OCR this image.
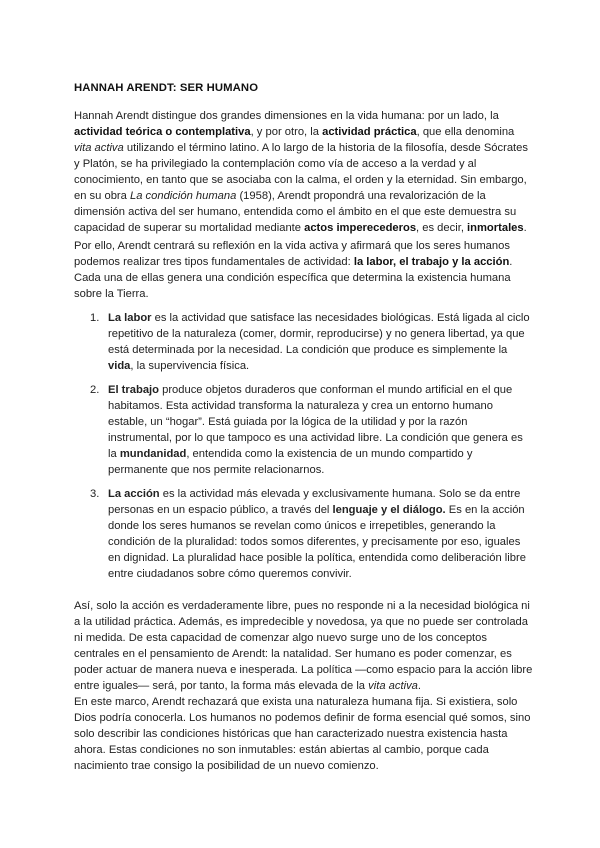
HANNAH ARENDT: SER HUMANO

Hannah Arendt distingue dos grandes dimensiones en la vida humana: por un lado, la actividad teórica o contemplativa, y por otro, la actividad práctica, que ella denomina vita activa utilizando el término latino. A lo largo de la historia de la filosofía, desde Sócrates y Platón, se ha privilegiado la contemplación como vía de acceso a la verdad y al conocimiento, en tanto que se asociaba con la calma, el orden y la eternidad. Sin embargo, en su obra La condición humana (1958), Arendt propondrá una revalorización de la dimensión activa del ser humano, entendida como el ámbito en el que este demuestra su capacidad de superar su mortalidad mediante actos imperecederos, es decir, inmortales.

Por ello, Arendt centrará su reflexión en la vida activa y afirmará que los seres humanos podemos realizar tres tipos fundamentales de actividad: la labor, el trabajo y la acción. Cada una de ellas genera una condición específica que determina la existencia humana sobre la Tierra.

1. La labor es la actividad que satisface las necesidades biológicas. Está ligada al ciclo repetitivo de la naturaleza (comer, dormir, reproducirse) y no genera libertad, ya que está determinada por la necesidad. La condición que produce es simplemente la vida, la supervivencia física.

2. El trabajo produce objetos duraderos que conforman el mundo artificial en el que habitamos. Esta actividad transforma la naturaleza y crea un entorno humano estable, un “hogar”. Está guiada por la lógica de la utilidad y por la razón instrumental, por lo que tampoco es una actividad libre. La condición que genera es la mundanidad, entendida como la existencia de un mundo compartido y permanente que nos permite relacionarnos.

3. La acción es la actividad más elevada y exclusivamente humana. Solo se da entre personas en un espacio público, a través del lenguaje y el diálogo. Es en la acción donde los seres humanos se revelan como únicos e irrepetibles, generando la condición de la pluralidad: todos somos diferentes, y precisamente por eso, iguales en dignidad. La pluralidad hace posible la política, entendida como deliberación libre entre ciudadanos sobre cómo queremos convivir.

Así, solo la acción es verdaderamente libre, pues no responde ni a la necesidad biológica ni a la utilidad práctica. Además, es impredecible y novedosa, ya que no puede ser controlada ni medida. De esta capacidad de comenzar algo nuevo surge uno de los conceptos centrales en el pensamiento de Arendt: la natalidad. Ser humano es poder comenzar, es poder actuar de manera nueva e inesperada. La política —como espacio para la acción libre entre iguales— será, por tanto, la forma más elevada de la vita activa.

En este marco, Arendt rechazará que exista una naturaleza humana fija. Si existiera, solo Dios podría conocerla. Los humanos no podemos definir de forma esencial qué somos, sino solo describir las condiciones históricas que han caracterizado nuestra existencia hasta ahora. Estas condiciones no son inmutables: están abiertas al cambio, porque cada nacimiento trae consigo la posibilidad de un nuevo comienzo.
